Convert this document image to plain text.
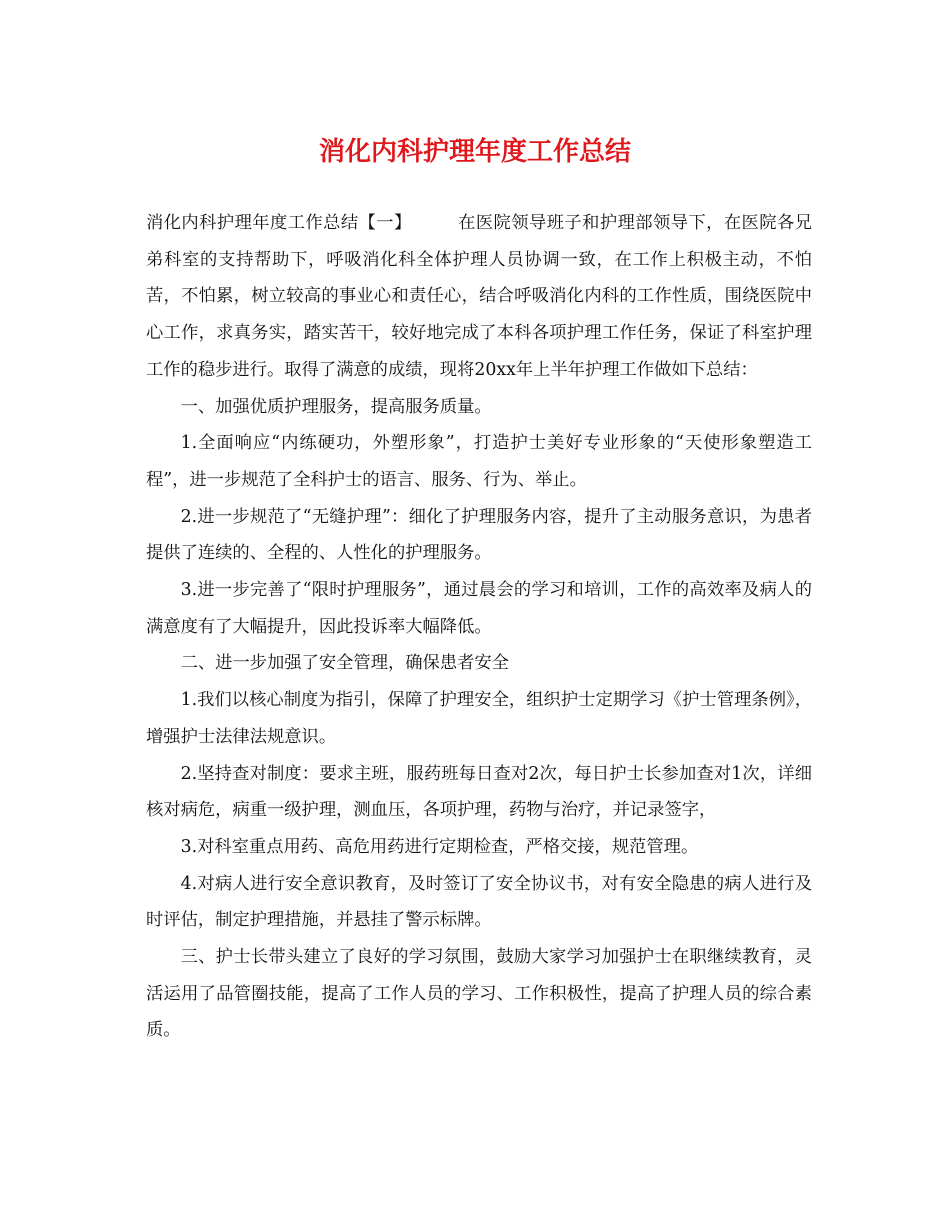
消化内科护理年度工作总结

消化内科护理年度工作总结【一】	在医院领导班子和护理部领导下，在医院各兄弟科室的支持帮助下，呼吸消化科全体护理人员协调一致，在工作上积极主动，不怕苦，不怕累，树立较高的事业心和责任心，结合呼吸消化内科的工作性质，围绕医院中心工作，求真务实，踏实苦干，较好地完成了本科各项护理工作任务，保证了科室护理工作的稳步进行。取得了满意的成绩，现将20xx年上半年护理工作做如下总结：

一、加强优质护理服务，提高服务质量。

1.全面响应“内练硬功，外塑形象”，打造护士美好专业形象的“天使形象塑造工程”，进一步规范了全科护士的语言、服务、行为、举止。

2.进一步规范了“无缝护理”：细化了护理服务内容，提升了主动服务意识，为患者提供了连续的、全程的、人性化的护理服务。

3.进一步完善了“限时护理服务”，通过晨会的学习和培训，工作的高效率及病人的满意度有了大幅提升，因此投诉率大幅降低。

二、进一步加强了安全管理，确保患者安全

1.我们以核心制度为指引，保障了护理安全，组织护士定期学习《护士管理条例》，增强护士法律法规意识。

2.坚持查对制度：要求主班，服药班每日查对2次，每日护士长参加查对1次，详细核对病危，病重一级护理，测血压，各项护理，药物与治疗，并记录签字，

3.对科室重点用药、高危用药进行定期检查，严格交接，规范管理。

4.对病人进行安全意识教育，及时签订了安全协议书，对有安全隐患的病人进行及时评估，制定护理措施，并悬挂了警示标牌。

三、护士长带头建立了良好的学习氛围，鼓励大家学习加强护士在职继续教育，灵活运用了品管圈技能，提高了工作人员的学习、工作积极性，提高了护理人员的综合素质。
